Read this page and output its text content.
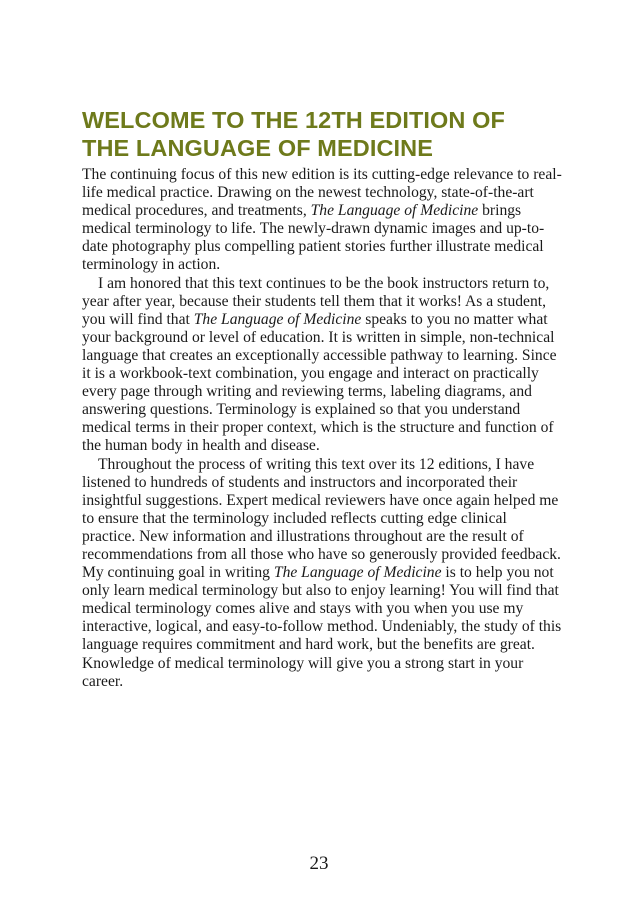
WELCOME TO THE 12TH EDITION OF
THE LANGUAGE OF MEDICINE

The continuing focus of this new edition is its cutting-edge relevance to real-life medical practice. Drawing on the newest technology, state-of-the-art medical procedures, and treatments, The Language of Medicine brings medical terminology to life. The newly-drawn dynamic images and up-to-date photography plus compelling patient stories further illustrate medical terminology in action.

I am honored that this text continues to be the book instructors return to, year after year, because their students tell them that it works! As a student, you will find that The Language of Medicine speaks to you no matter what your background or level of education. It is written in simple, non-technical language that creates an exceptionally accessible pathway to learning. Since it is a workbook-text combination, you engage and interact on practically every page through writing and reviewing terms, labeling diagrams, and answering questions. Terminology is explained so that you understand medical terms in their proper context, which is the structure and function of the human body in health and disease.

Throughout the process of writing this text over its 12 editions, I have listened to hundreds of students and instructors and incorporated their insightful suggestions. Expert medical reviewers have once again helped me to ensure that the terminology included reflects cutting edge clinical practice. New information and illustrations throughout are the result of recommendations from all those who have so generously provided feedback. My continuing goal in writing The Language of Medicine is to help you not only learn medical terminology but also to enjoy learning! You will find that medical terminology comes alive and stays with you when you use my interactive, logical, and easy-to-follow method. Undeniably, the study of this language requires commitment and hard work, but the benefits are great. Knowledge of medical terminology will give you a strong start in your career.

23
